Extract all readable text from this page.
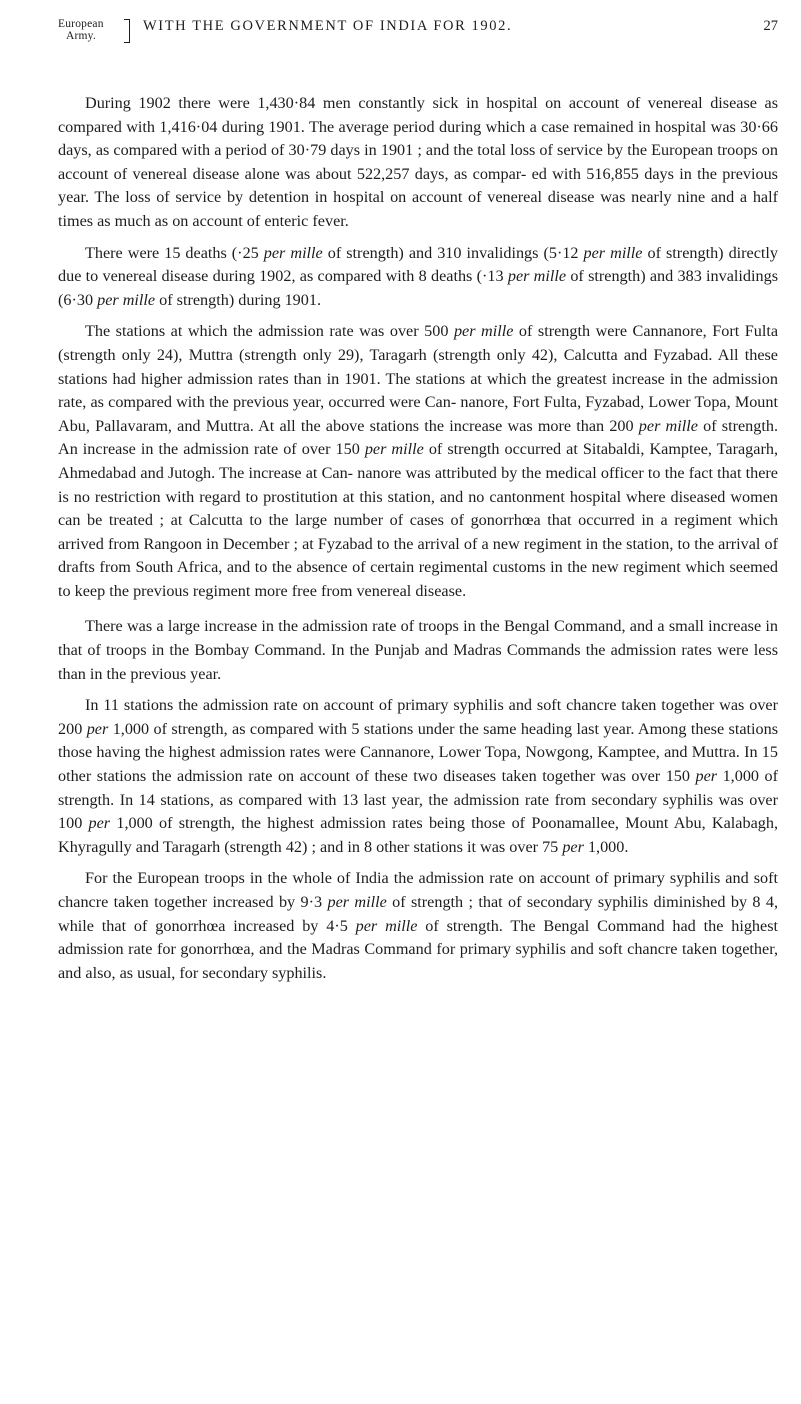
European
Army.
WITH THE GOVERNMENT OF INDIA FOR 1902.	27

During 1902 there were 1,430·84 men constantly sick in hospital on account of venereal disease as compared with 1,416·04 during 1901. The average period during which a case remained in hospital was 30·66 days, as compared with a period of 30·79 days in 1901 ; and the total loss of service by the European troops on account of venereal disease alone was about 522,257 days, as compar- ed with 516,855 days in the previous year. The loss of service by detention in hospital on account of venereal disease was nearly nine and a half times as much as on account of enteric fever.

There were 15 deaths (·25 per mille of strength) and 310 invalidings (5·12 per mille of strength) directly due to venereal disease during 1902, as compared with 8 deaths (·13 per mille of strength) and 383 invalidings (6·30 per mille of strength) during 1901.

The stations at which the admission rate was over 500 per mille of strength were Cannanore, Fort Fulta (strength only 24), Muttra (strength only 29), Taragarh (strength only 42), Calcutta and Fyzabad. All these stations had higher admission rates than in 1901. The stations at which the greatest increase in the admission rate, as compared with the previous year, occurred were Can- nanore, Fort Fulta, Fyzabad, Lower Topa, Mount Abu, Pallavaram, and Muttra. At all the above stations the increase was more than 200 per mille of strength. An increase in the admission rate of over 150 per mille of strength occurred at Sitabaldi, Kamptee, Taragarh, Ahmedabad and Jutogh. The increase at Can- nanore was attributed by the medical officer to the fact that there is no restriction with regard to prostitution at this station, and no cantonment hospital where diseased women can be treated ; at Calcutta to the large number of cases of gonorrhœa that occurred in a regiment which arrived from Rangoon in December ; at Fyzabad to the arrival of a new regiment in the station, to the arrival of drafts from South Africa, and to the absence of certain regimental customs in the new regiment which seemed to keep the previous regiment more free from venereal disease.

There was a large increase in the admission rate of troops in the Bengal Command, and a small increase in that of troops in the Bombay Command. In the Punjab and Madras Commands the admission rates were less than in the previous year.

In 11 stations the admission rate on account of primary syphilis and soft chancre taken together was over 200 per 1,000 of strength, as compared with 5 stations under the same heading last year. Among these stations those having the highest admission rates were Cannanore, Lower Topa, Nowgong, Kamptee, and Muttra. In 15 other stations the admission rate on account of these two diseases taken together was over 150 per 1,000 of strength. In 14 stations, as compared with 13 last year, the admission rate from secondary syphilis was over 100 per 1,000 of strength, the highest admission rates being those of Poonamallee, Mount Abu, Kalabagh, Khyragully and Taragarh (strength 42) ; and in 8 other stations it was over 75 per 1,000.

For the European troops in the whole of India the admission rate on account of primary syphilis and soft chancre taken together increased by 9·3 per mille of strength ; that of secondary syphilis diminished by 8 4, while that of gonorrhœa increased by 4·5 per mille of strength. The Bengal Command had the highest admission rate for gonorrhœa, and the Madras Command for primary syphilis and soft chancre taken together, and also, as usual, for secondary syphilis.
